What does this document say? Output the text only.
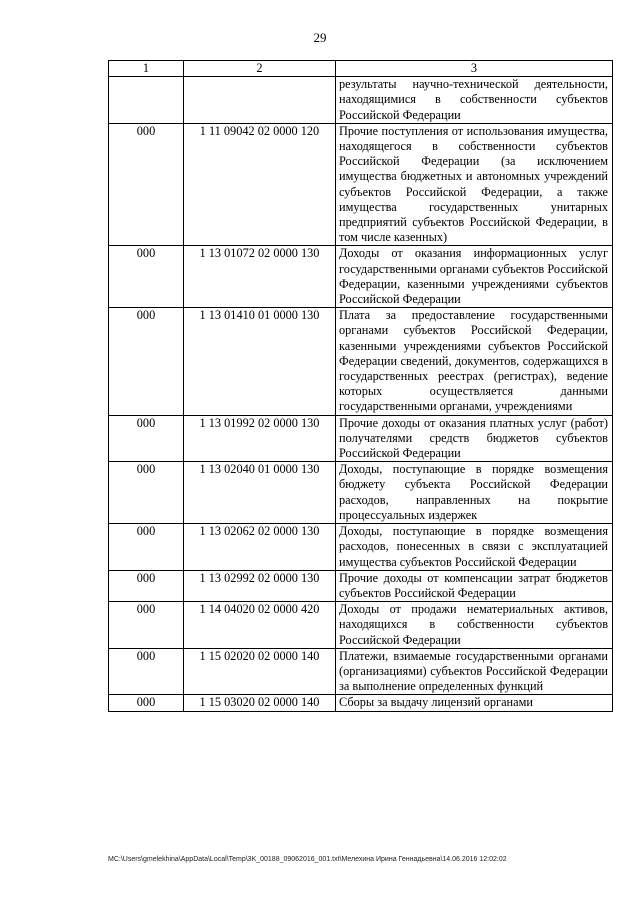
29
1	2	3
		результаты научно-технической деятельности, находящимися в собственности субъектов Российской Федерации
000	1 11 09042 02 0000 120	Прочие поступления от использования имущества, находящегося в собственности субъектов Российской Федерации (за исключением имущества бюджетных и автономных учреждений субъектов Российской Федерации, а также имущества государственных унитарных предприятий субъектов Российской Федерации, в том числе казенных)
000	1 13 01072 02 0000 130	Доходы от оказания информационных услуг государственными органами субъектов Российской Федерации, казенными учреждениями субъектов Российской Федерации
000	1 13 01410 01 0000 130	Плата за предоставление государственными органами субъектов Российской Федерации, казенными учреждениями субъектов Российской Федерации сведений, документов, содержащихся в государственных реестрах (регистрах), ведение которых осуществляется данными государственными органами, учреждениями
000	1 13 01992 02 0000 130	Прочие доходы от оказания платных услуг (работ) получателями средств бюджетов субъектов Российской Федерации
000	1 13 02040 01 0000 130	Доходы, поступающие в порядке возмещения бюджету субъекта Российской Федерации расходов, направленных на покрытие процессуальных издержек
000	1 13 02062 02 0000 130	Доходы, поступающие в порядке возмещения расходов, понесенных в связи с эксплуатацией имущества субъектов Российской Федерации
000	1 13 02992 02 0000 130	Прочие доходы от компенсации затрат бюджетов субъектов Российской Федерации
000	1 14 04020 02 0000 420	Доходы от продажи нематериальных активов, находящихся в собственности субъектов Российской Федерации
000	1 15 02020 02 0000 140	Платежи, взимаемые государственными органами (организациями) субъектов Российской Федерации за выполнение определенных функций
000	1 15 03020 02 0000 140	Сборы за выдачу лицензий органами
МС:\Users\gmelekhina\AppData\Local\Temp\3K_00188_09062016_001.txt\Мелехина Ирина Геннадьевна\14.06.2016 12:02:02
